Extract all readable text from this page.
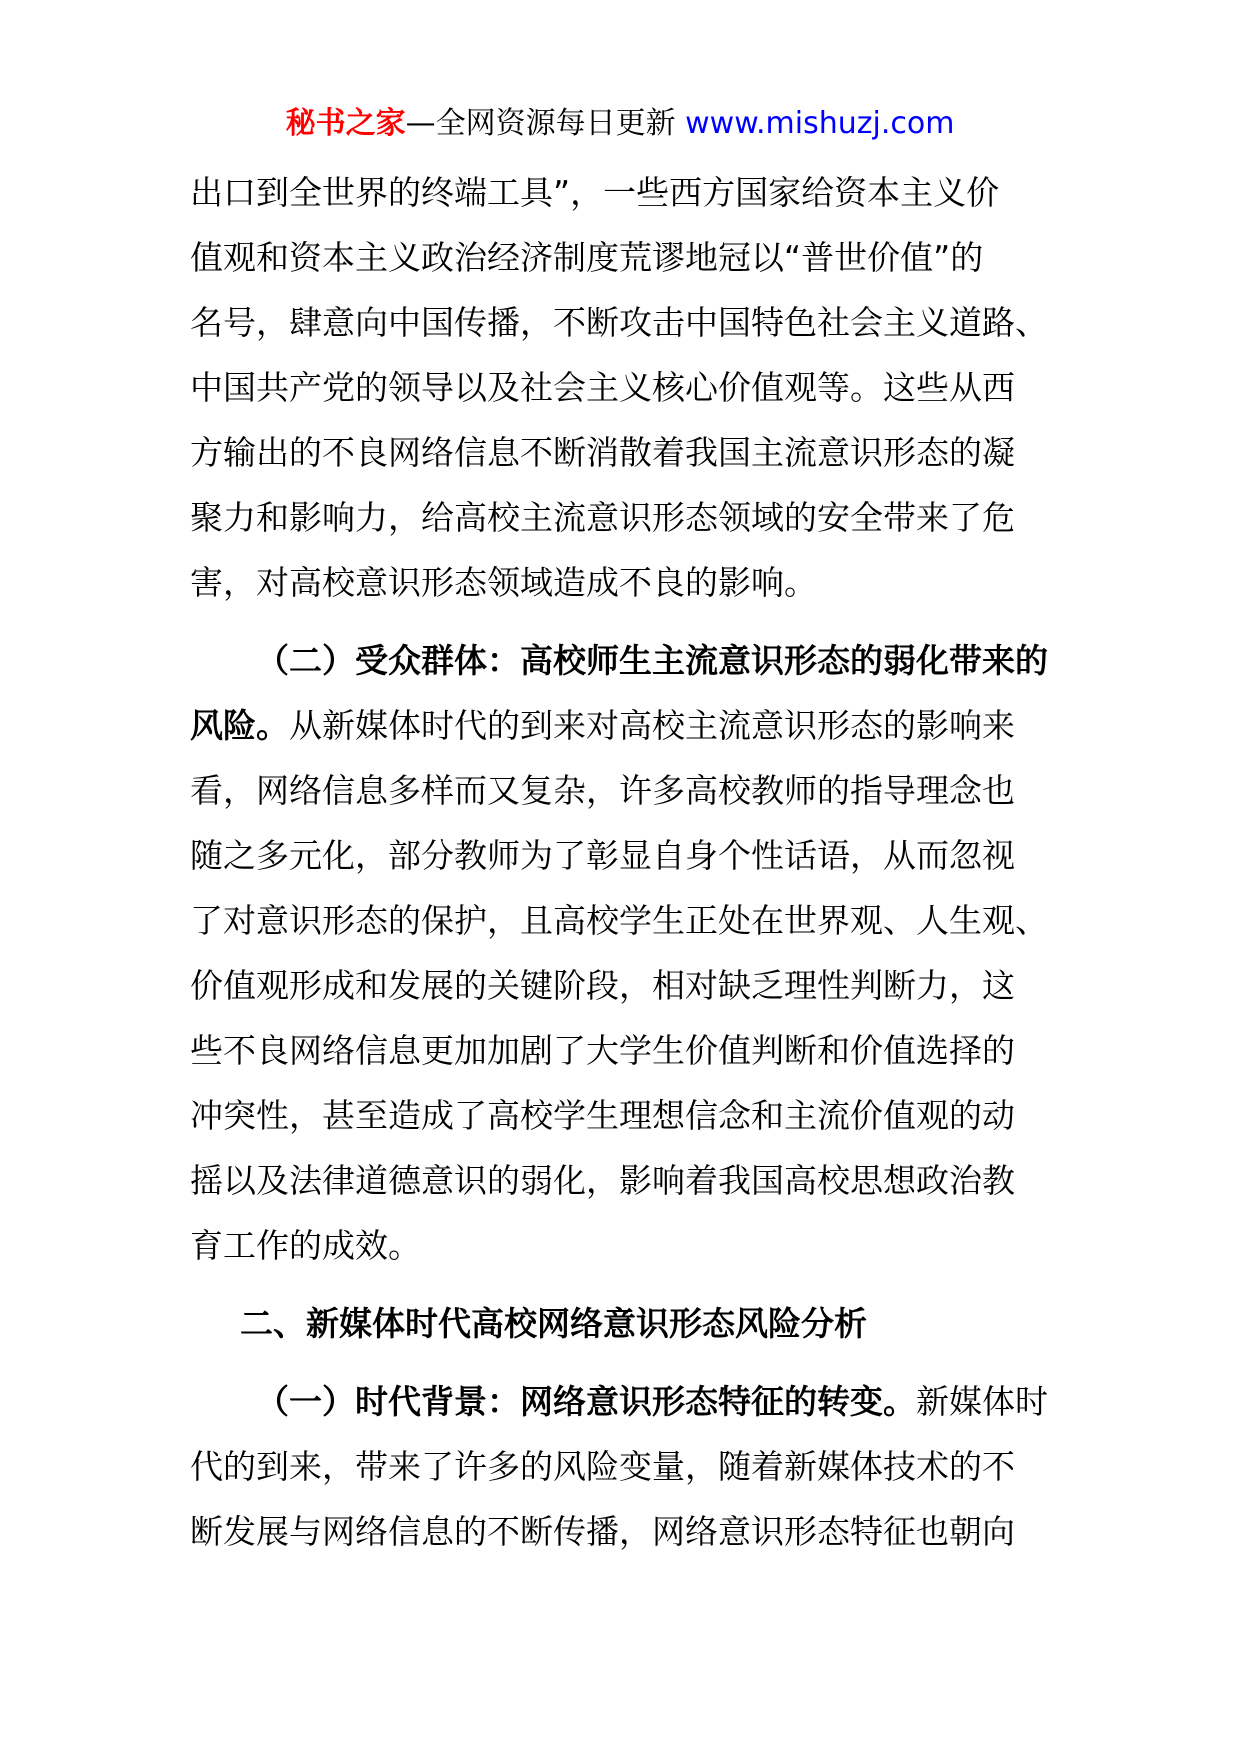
秘书之家—全网资源每日更新 www.mishuzj.com
出口到全世界的终端工具”，一些西方国家给资本主义价
值观和资本主义政治经济制度荒谬地冠以“普世价值”的
名号，肆意向中国传播，不断攻击中国特色社会主义道路、
中国共产党的领导以及社会主义核心价值观等。这些从西
方输出的不良网络信息不断消散着我国主流意识形态的凝
聚力和影响力，给高校主流意识形态领域的安全带来了危
害，对高校意识形态领域造成不良的影响。
（二）受众群体：高校师生主流意识形态的弱化带来的
风险。从新媒体时代的到来对高校主流意识形态的影响来
看，网络信息多样而又复杂，许多高校教师的指导理念也
随之多元化，部分教师为了彰显自身个性话语，从而忽视
了对意识形态的保护，且高校学生正处在世界观、人生观、
价值观形成和发展的关键阶段，相对缺乏理性判断力，这
些不良网络信息更加加剧了大学生价值判断和价值选择的
冲突性，甚至造成了高校学生理想信念和主流价值观的动
摇以及法律道德意识的弱化，影响着我国高校思想政治教
育工作的成效。
二、新媒体时代高校网络意识形态风险分析
（一）时代背景：网络意识形态特征的转变。新媒体时
代的到来，带来了许多的风险变量，随着新媒体技术的不
断发展与网络信息的不断传播，网络意识形态特征也朝向
